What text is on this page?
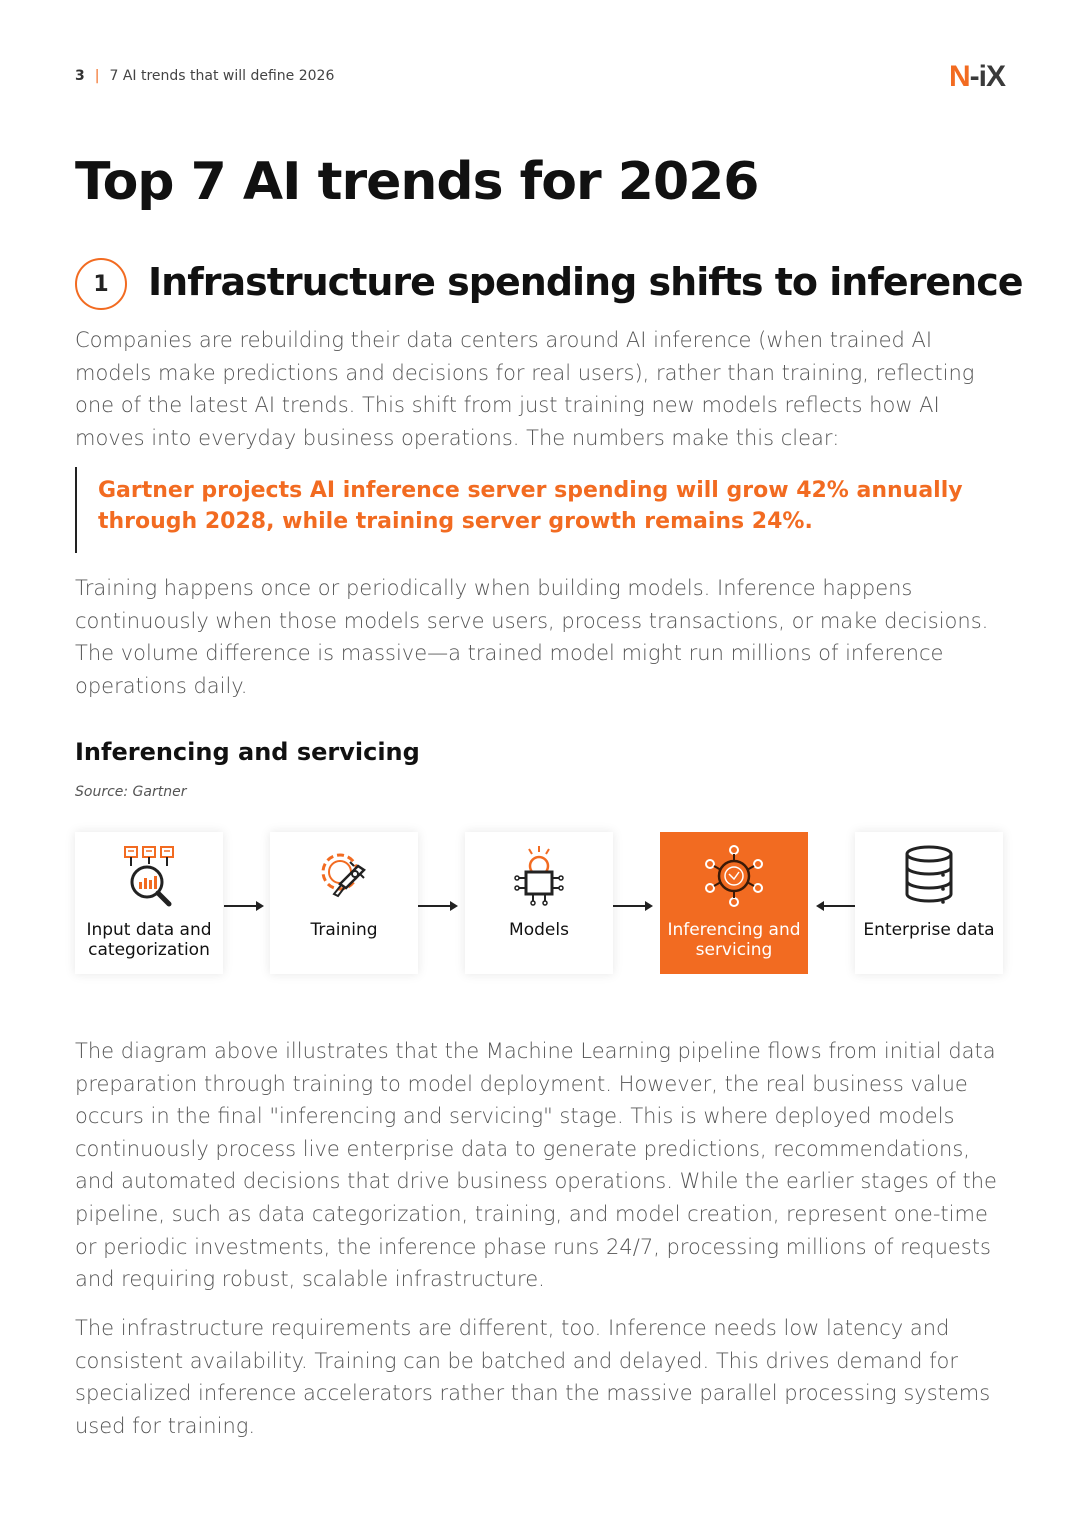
3 | 7 AI trends that will define 2026	N-iX
Top 7 AI trends for 2026
1	Infrastructure spending shifts to inference

Companies are rebuilding their data centers around AI inference (when trained AI models make predictions and decisions for real users), rather than training, reflecting one of the latest AI trends. This shift from just training new models reflects how AI moves into everyday business operations. The numbers make this clear:

Gartner projects AI inference server spending will grow 42% annually through 2028, while training server growth remains 24%.

Training happens once or periodically when building models. Inference happens continuously when those models serve users, process transactions, or make decisions. The volume difference is massive—a trained model might run millions of inference operations daily.

Inferencing and servicing

Source: Gartner

Input data and categorization
Training	Models	Inferencing and servicing
Enterprise data

The diagram above illustrates that the Machine Learning pipeline flows from initial data preparation through training to model deployment. However, the real business value occurs in the final "inferencing and servicing" stage. This is where deployed models continuously process live enterprise data to generate predictions, recommendations, and automated decisions that drive business operations. While the earlier stages of the pipeline, such as data categorization, training, and model creation, represent one-time or periodic investments, the inference phase runs 24/7, processing millions of requests and requiring robust, scalable infrastructure.

The infrastructure requirements are different, too. Inference needs low latency and consistent availability. Training can be batched and delayed. This drives demand for specialized inference accelerators rather than the massive parallel processing systems used for training.
